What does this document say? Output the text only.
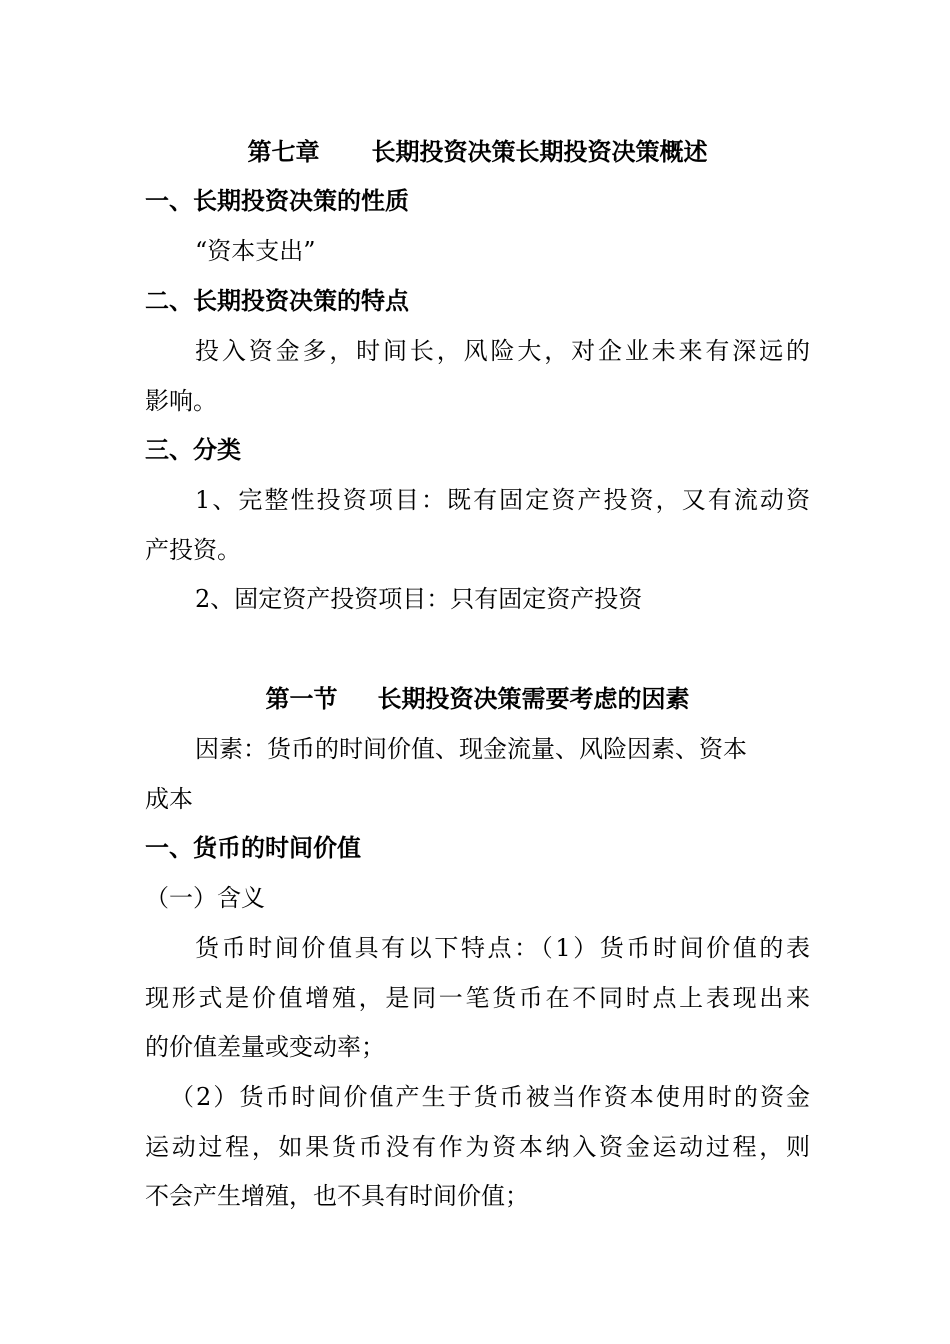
第七章 长期投资决策长期投资决策概述
一、长期投资决策的性质
“资本支出”
二、长期投资决策的特点
投入资金多，时间长，风险大，对企业未来有深远的
影响。
三、分类
1、完整性投资项目：既有固定资产投资，又有流动资
产投资。
2、固定资产投资项目：只有固定资产投资
第一节 长期投资决策需要考虑的因素
因素：货币的时间价值、现金流量、风险因素、资本
成本
一、货币的时间价值
（一）含义
货币时间价值具有以下特点：（1）货币时间价值的表
现形式是价值增殖，是同一笔货币在不同时点上表现出来
的价值差量或变动率；
（2）货币时间价值产生于货币被当作资本使用时的资金
运动过程，如果货币没有作为资本纳入资金运动过程，则
不会产生增殖，也不具有时间价值；
